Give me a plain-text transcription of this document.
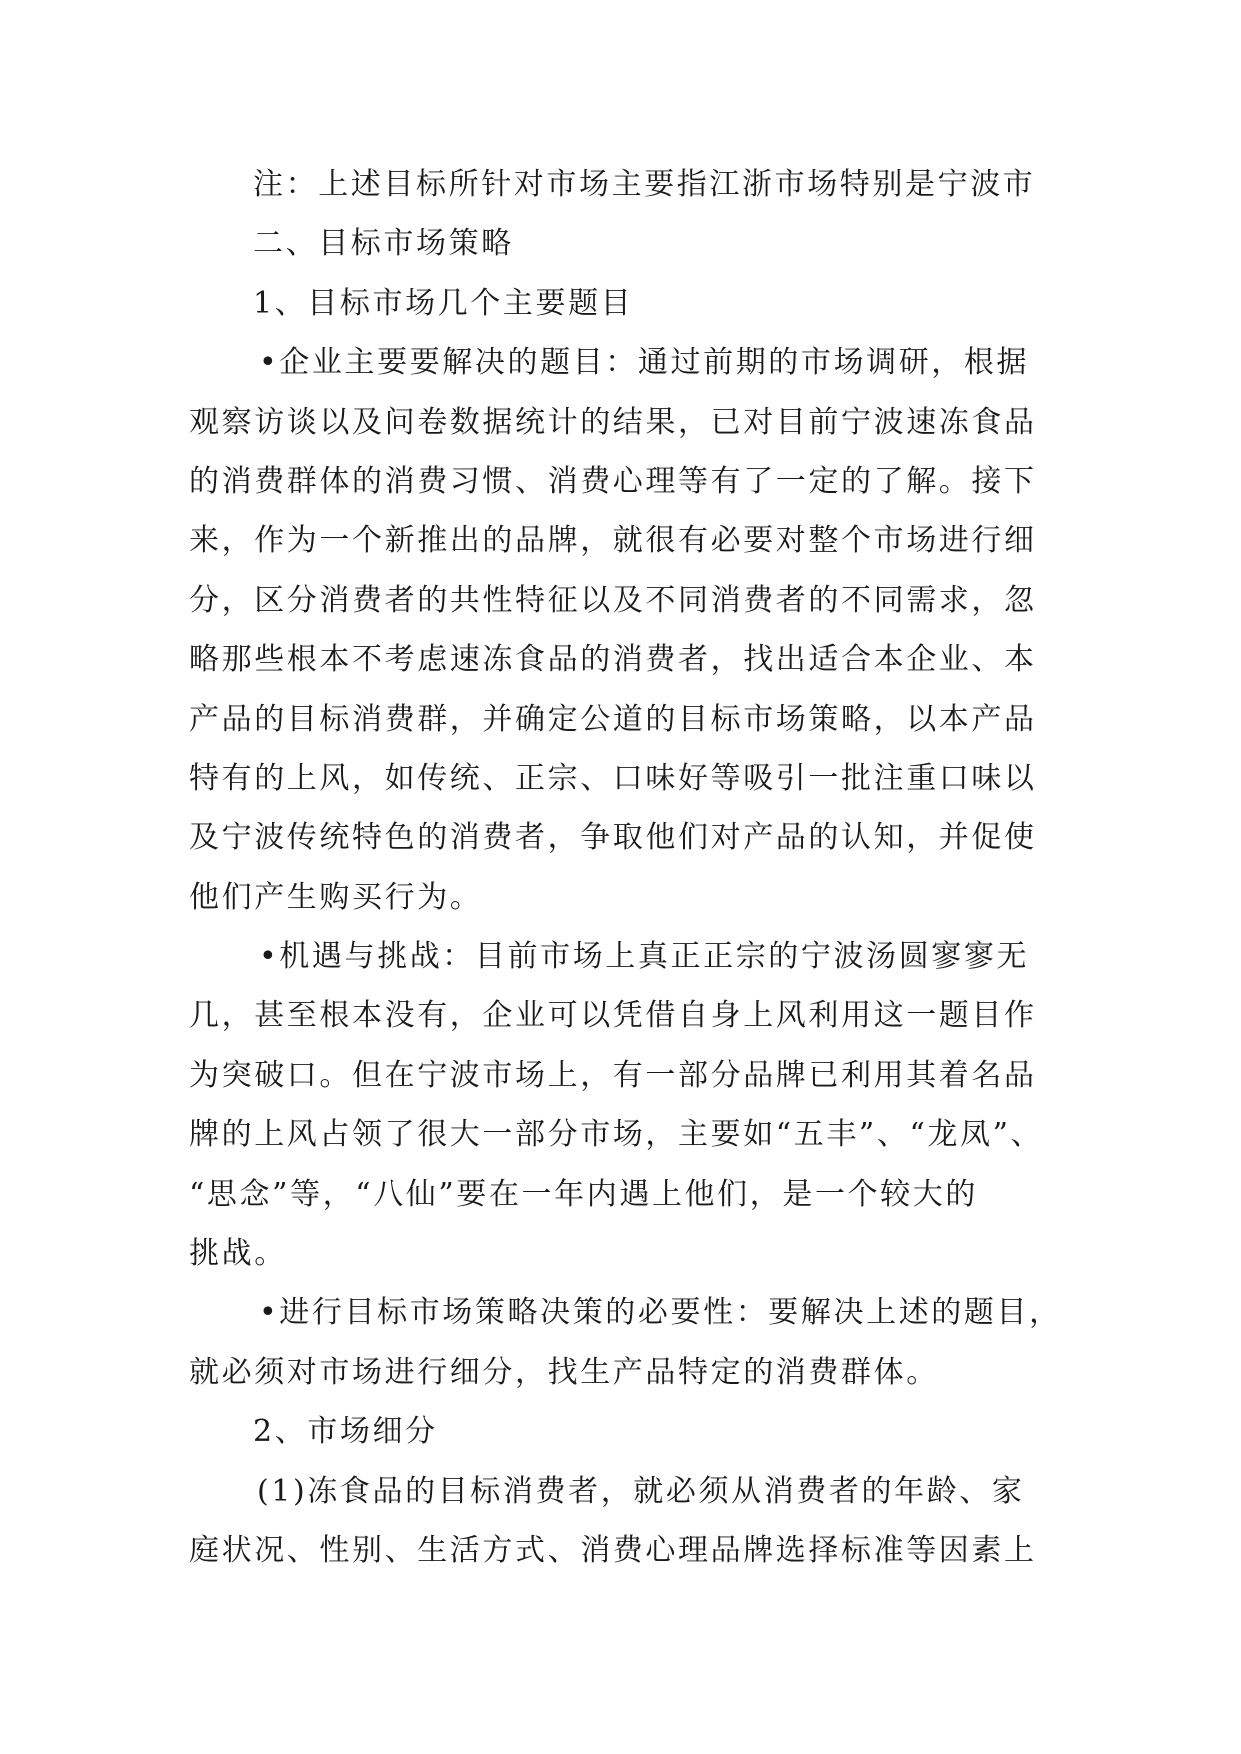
注：上述目标所针对市场主要指江浙市场特别是宁波市
二、目标市场策略
1、目标市场几个主要题目
•企业主要要解决的题目：通过前期的市场调研，根据
观察访谈以及问卷数据统计的结果，已对目前宁波速冻食品
的消费群体的消费习惯、消费心理等有了一定的了解。接下
来，作为一个新推出的品牌，就很有必要对整个市场进行细
分，区分消费者的共性特征以及不同消费者的不同需求，忽
略那些根本不考虑速冻食品的消费者，找出适合本企业、本
产品的目标消费群，并确定公道的目标市场策略，以本产品
特有的上风，如传统、正宗、口味好等吸引一批注重口味以
及宁波传统特色的消费者，争取他们对产品的认知，并促使
他们产生购买行为。
•机遇与挑战：目前市场上真正正宗的宁波汤圆寥寥无
几，甚至根本没有，企业可以凭借自身上风利用这一题目作
为突破口。但在宁波市场上，有一部分品牌已利用其着名品
牌的上风占领了很大一部分市场，主要如“五丰”、“龙凤”、
“思念”等，“八仙”要在一年内遇上他们，是一个较大的
挑战。
•进行目标市场策略决策的必要性：要解决上述的题目，
就必须对市场进行细分，找生产品特定的消费群体。
2、市场细分
(1)冻食品的目标消费者，就必须从消费者的年龄、家
庭状况、性别、生活方式、消费心理品牌选择标准等因素上
